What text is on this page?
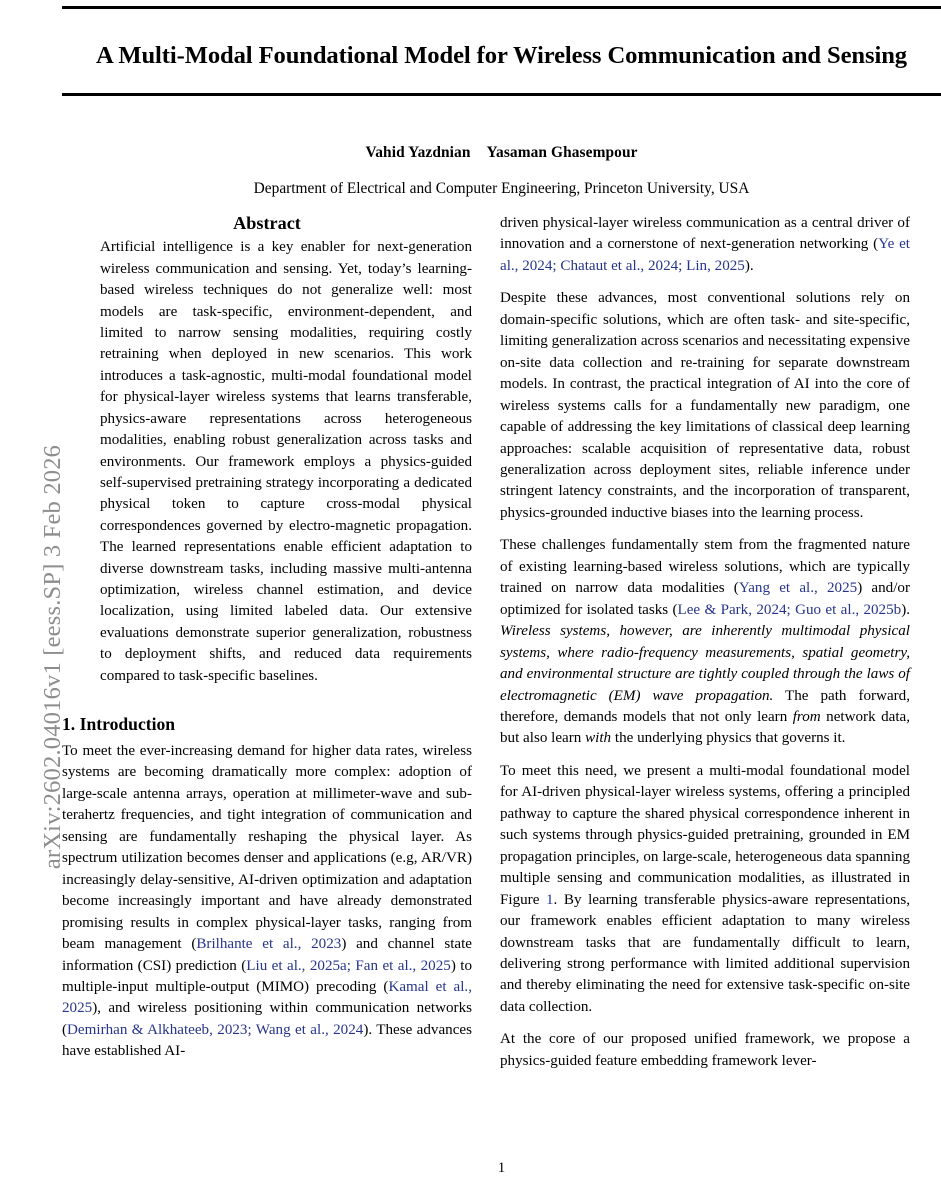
arXiv:2602.04016v1 [eess.SP] 3 Feb 2026
A Multi-Modal Foundational Model for Wireless Communication and Sensing
Vahid Yazdnian Yasaman Ghasempour
Department of Electrical and Computer Engineering, Princeton University, USA
Abstract
Artificial intelligence is a key enabler for next-generation wireless communication and sensing. Yet, today’s learning-based wireless techniques do not generalize well: most models are task-specific, environment-dependent, and limited to narrow sensing modalities, requiring costly retraining when deployed in new scenarios. This work introduces a task-agnostic, multi-modal foundational model for physical-layer wireless systems that learns transferable, physics-aware representations across heterogeneous modalities, enabling robust generalization across tasks and environments. Our framework employs a physics-guided self-supervised pretraining strategy incorporating a dedicated physical token to capture cross-modal physical correspondences governed by electro-magnetic propagation. The learned representations enable efficient adaptation to diverse downstream tasks, including massive multi-antenna optimization, wireless channel estimation, and device localization, using limited labeled data. Our extensive evaluations demonstrate superior generalization, robustness to deployment shifts, and reduced data requirements compared to task-specific baselines.
1. Introduction

To meet the ever-increasing demand for higher data rates, wireless systems are becoming dramatically more complex: adoption of large-scale antenna arrays, operation at millimeter-wave and sub-terahertz frequencies, and tight integration of communication and sensing are fundamentally reshaping the physical layer. As spectrum utilization becomes denser and applications (e.g, AR/VR) increasingly delay-sensitive, AI-driven optimization and adaptation become increasingly important and have already demonstrated promising results in complex physical-layer tasks, ranging from beam management (Brilhante et al., 2023) and channel state information (CSI) prediction (Liu et al., 2025a; Fan et al., 2025) to multiple-input multiple-output (MIMO) precoding (Kamal et al., 2025), and wireless positioning within communication networks (Demirhan & Alkhateeb, 2023; Wang et al., 2024). These advances have established AI-

driven physical-layer wireless communication as a central driver of innovation and a cornerstone of next-generation networking (Ye et al., 2024; Chataut et al., 2024; Lin, 2025).

Despite these advances, most conventional solutions rely on domain-specific solutions, which are often task- and site-specific, limiting generalization across scenarios and necessitating expensive on-site data collection and re-training for separate downstream models. In contrast, the practical integration of AI into the core of wireless systems calls for a fundamentally new paradigm, one capable of addressing the key limitations of classical deep learning approaches: scalable acquisition of representative data, robust generalization across deployment sites, reliable inference under stringent latency constraints, and the incorporation of transparent, physics-grounded inductive biases into the learning process.

These challenges fundamentally stem from the fragmented nature of existing learning-based wireless solutions, which are typically trained on narrow data modalities (Yang et al., 2025) and/or optimized for isolated tasks (Lee & Park, 2024; Guo et al., 2025b). Wireless systems, however, are inherently multimodal physical systems, where radio-frequency measurements, spatial geometry, and environmental structure are tightly coupled through the laws of electromagnetic (EM) wave propagation. The path forward, therefore, demands models that not only learn from network data, but also learn with the underlying physics that governs it.

To meet this need, we present a multi-modal foundational model for AI-driven physical-layer wireless systems, offering a principled pathway to capture the shared physical correspondence inherent in such systems through physics-guided pretraining, grounded in EM propagation principles, on large-scale, heterogeneous data spanning multiple sensing and communication modalities, as illustrated in Figure 1. By learning transferable physics-aware representations, our framework enables efficient adaptation to many wireless downstream tasks that are fundamentally difficult to learn, delivering strong performance with limited additional supervision and thereby eliminating the need for extensive task-specific on-site data collection.

At the core of our proposed unified framework, we propose a physics-guided feature embedding framework lever-

1
